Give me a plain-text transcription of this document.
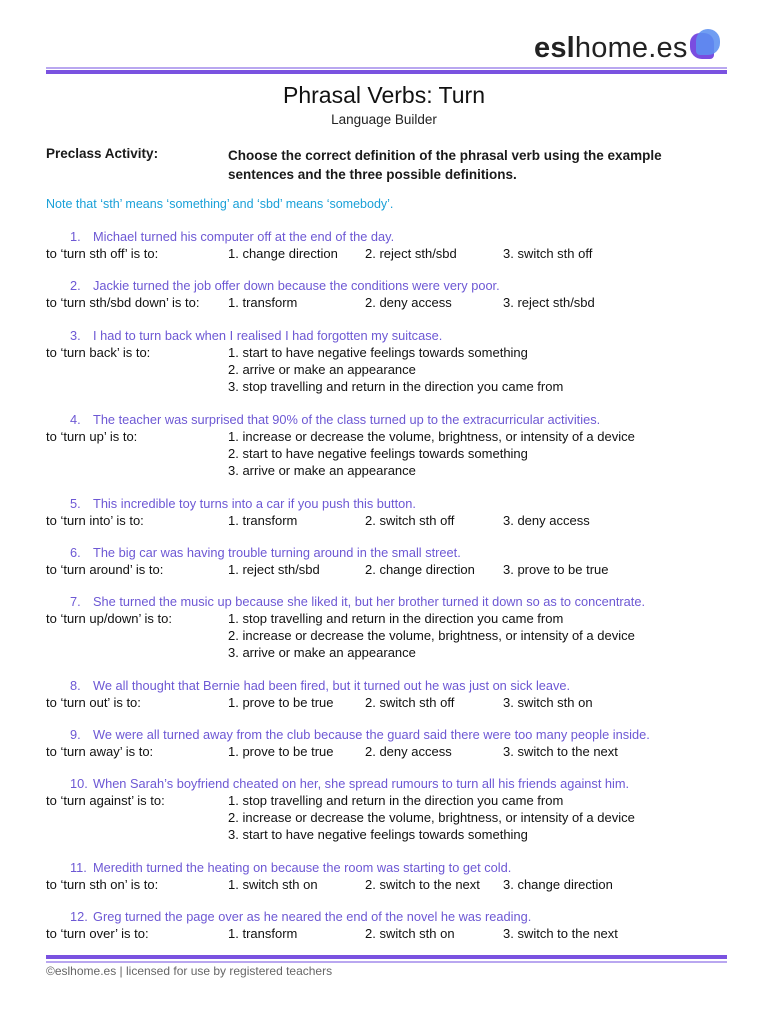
eslhome.es
Phrasal Verbs: Turn
Language Builder
Preclass Activity:	Choose the correct definition of the phrasal verb using the example sentences and the three possible definitions.
Note that ‘sth’ means ‘something’ and ‘sbd’ means ‘somebody’.
1. Michael turned his computer off at the end of the day.
to ‘turn sth off’ is to:	1. change direction 2. reject sth/sbd	3. switch sth off
2. Jackie turned the job offer down because the conditions were very poor.
to ‘turn sth/sbd down’ is to: 1. transform	2. deny access	3. reject sth/sbd
3. I had to turn back when I realised I had forgotten my suitcase.
to ‘turn back’ is to:	1. start to have negative feelings towards something
2. arrive or make an appearance
3. stop travelling and return in the direction you came from
4. The teacher was surprised that 90% of the class turned up to the extracurricular activities.
to ‘turn up’ is to:	1. increase or decrease the volume, brightness, or intensity of a device
2. start to have negative feelings towards something
3. arrive or make an appearance
5. This incredible toy turns into a car if you push this button.
to ‘turn into’ is to:	1. transform	2. switch sth off	3. deny access
6. The big car was having trouble turning around in the small street.
to ‘turn around’ is to:	1. reject sth/sbd	2. change direction 3. prove to be true
7. She turned the music up because she liked it, but her brother turned it down so as to concentrate.
to ‘turn up/down’ is to:	1. stop travelling and return in the direction you came from
2. increase or decrease the volume, brightness, or intensity of a device
3. arrive or make an appearance
8. We all thought that Bernie had been fired, but it turned out he was just on sick leave.
to ‘turn out’ is to:	1. prove to be true 2. switch sth off	3. switch sth on
9. We were all turned away from the club because the guard said there were too many people inside.
to ‘turn away’ is to:	1. prove to be true 2. deny access	3. switch to the next
10. When Sarah’s boyfriend cheated on her, she spread rumours to turn all his friends against him.
to ‘turn against’ is to:	1. stop travelling and return in the direction you came from
2. increase or decrease the volume, brightness, or intensity of a device
3. start to have negative feelings towards something
11. Meredith turned the heating on because the room was starting to get cold.
to ‘turn sth on’ is to:	1. switch sth on	2. switch to the next 3. change direction
12. Greg turned the page over as he neared the end of the novel he was reading.
to ‘turn over’ is to:	1. transform	2. switch sth on	3. switch to the next
©eslhome.es | licensed for use by registered teachers
